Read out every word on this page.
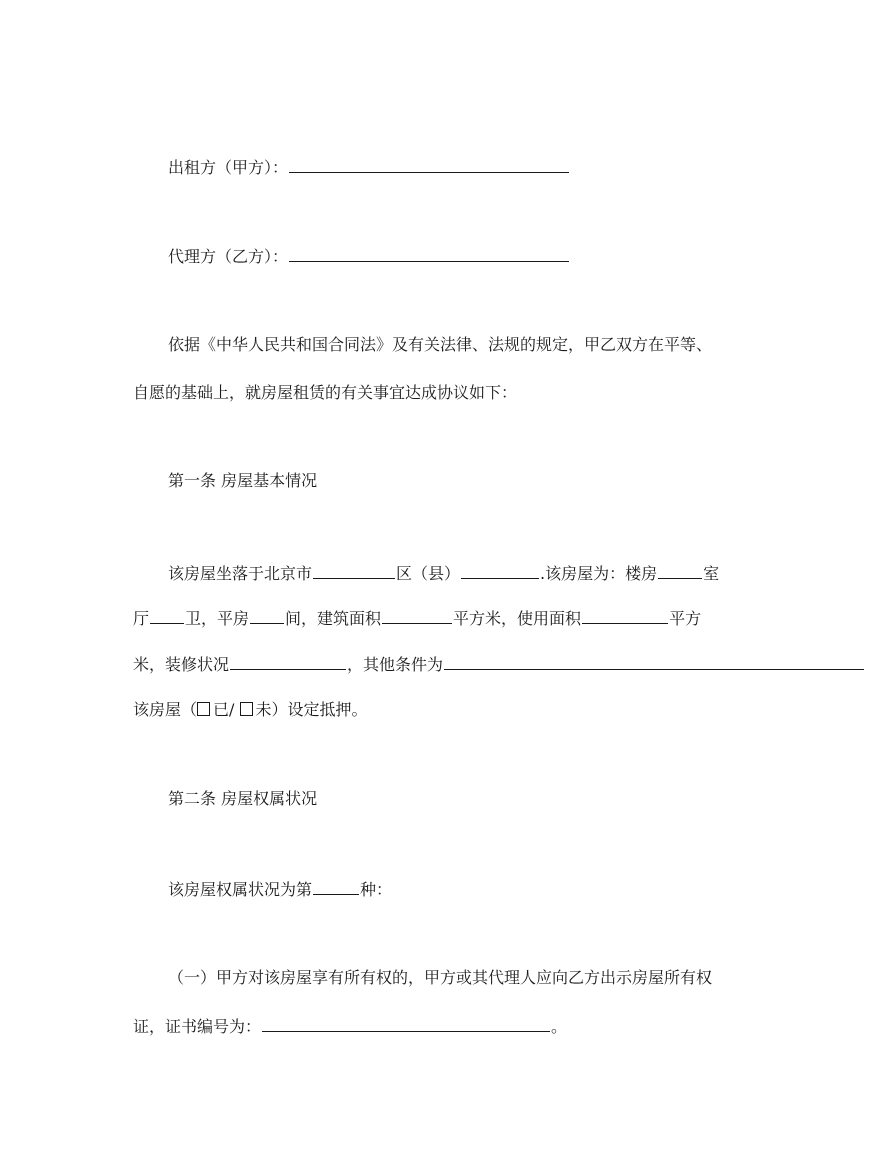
出租方（甲方）：
代理方（乙方）：
依据《中华人民共和国合同法》及有关法律、法规的规定，甲乙双方在平等、
自愿的基础上，就房屋租赁的有关事宜达成协议如下：
第一条 房屋基本情况
该房屋坐落于北京市	区（县）	.该房屋为：楼房	室
厅 卫，平房 间，建筑面积	平方米，使用面积	平方
米，装修状况	，其他条件为
该房屋（ 已/ 未）设定抵押。
第二条 房屋权属状况
该房屋权属状况为第	种：
（一）甲方对该房屋享有所有权的，甲方或其代理人应向乙方出示房屋所有权
证，证书编号为：	。
